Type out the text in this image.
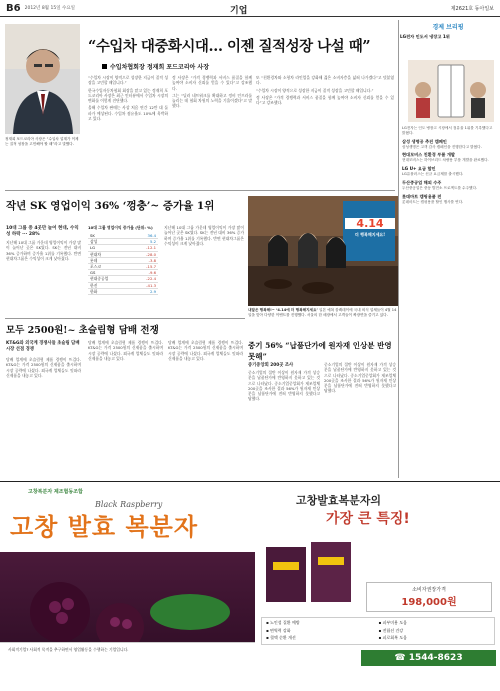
B6 2012년 8월 15일 수요일	기업	제2621호 동아일보
정재희 포드코리아 사장은 “수입차 업계가 이제는 질적 성장을 고민해야 할 때”라고 말했다.
“수입차 대중화시대… 이젠 질적성장 나설 때”
수입차협회장 정재희 포드코리아 사장

“수입차 시장이 양적으로 성장한 지금이 질적 성장을 고민할 때입니다.”

한국수입자동차협회 회장을 맡고 있는 정재희 포드코리아 사장은 최근 인터뷰에서 수입차 시장의 변화를 이렇게 진단했다.

올해 수입차 판매는 사상 처음 연간 12만 대 돌파가 예상된다. 수입차 점유율도 10%에 육박하고 있다.

정 사장은 “가격 경쟁력과 서비스 품질을 함께 높여야 소비자 신뢰를 얻을 수 있다”고 강조했다.

그는 “딜러 네트워크를 확대하고 정비 인프라를 늘리는 데 협회 차원의 노력을 기울이겠다”고 말했다.

또 “친환경차와 소형차 라인업을 강화해 젊은 소비자층을 넓혀 나가겠다”고 덧붙였다.

“수입차 시장이 양적으로 성장한 지금이 질적 성장을 고민할 때입니다.”

정 사장은 “가격 경쟁력과 서비스 품질을 함께 높여야 소비자 신뢰를 얻을 수 있다”고 강조했다.

작년 SK 영업이익 36% ‘껑충’~ 증가율 1위
10대 그룹 중 4곳만 늘어 현대, 수익성 하락 ··· 28%
지난해 10대 그룹 가운데 영업이익이 가장 많이 늘어난 곳은 SK였다. SK는 전년 대비 36% 증가하며 증가율 1위를 기록했다. 반면 현대차그룹은 수익성이 크게 낮아졌다.
10대 그룹 영업이익 증가율 (단위: %)
SK	36.4
삼성	5.2
LG	-12.1
현대차	-28.0
롯데	-3.8
포스코	-15.7
GS	-9.6
현대중공업	-22.4
한진	-41.3
한화	2.9
지난해 10대 그룹 가운데 영업이익이 가장 많이 늘어난 곳은 SK였다. SK는 전년 대비 36% 증가하며 증가율 1위를 기록했다. 반면 현대차그룹은 수익성이 크게 낮아졌다.
모두 2500원!~ 초슬림형 담배 전쟁
KT&G와 외국계 경쟁사들 초슬림 담배 시장 선점 경쟁
담배 업계에 초슬림형 제품 경쟁이 뜨겁다. KT&G는 가격 2500원의 신제품을 출시하며 시장 공략에 나섰다. 외국계 업체들도 잇따라 신제품을 내놓고 있다.
담배 업계에 초슬림형 제품 경쟁이 뜨겁다. KT&G는 가격 2500원의 신제품을 출시하며 시장 공략에 나섰다. 외국계 업체들도 잇따라 신제품을 내놓고 있다.
담배 업계에 초슬림형 제품 경쟁이 뜨겁다. KT&G는 가격 2500원의 신제품을 출시하며 시장 공략에 나섰다. 외국계 업체들도 잇따라 신제품을 내놓고 있다.
4.14
더 행복해지세요!
내딸은 행복해!~ ‘4.14에 더 행복해지세요’ 일본 예복 블랙데이에 국내 외식 업체들이 4월 14일을 맞아 다양한 이벤트를 진행했다. 서울의 한 매장에서 고객들이 짜장면을 즐기고 있다.
중기 56% “납품단가에 원자재 인상분 반영못해”
중기중앙회 200곳 조사
중소기업의 절반 이상이 원자재 가격 상승분을 납품단가에 반영하지 못하고 있는 것으로 나타났다. 중소기업중앙회가 제조업체 200곳을 조사한 결과 56%가 원자재 인상분을 납품단가에 전혀 반영하지 못했다고 답했다.
중소기업의 절반 이상이 원자재 가격 상승분을 납품단가에 반영하지 못하고 있는 것으로 나타났다. 중소기업중앙회가 제조업체 200곳을 조사한 결과 56%가 원자재 인상분을 납품단가에 전혀 반영하지 못했다고 답했다.
경제 브리핑
LG전자 인도서 냉장고 1위
LG전자는 인도 냉장고 시장에서 점유율 1위를 기록했다고 밝혔다.
삼성 생명공 추진 캠페인
삼성생명은 고객 감사 캠페인을 진행한다고 밝혔다.
현대모비스 친환경 부품 개발
현대모비스는 하이브리드 차량용 부품 개발을 완료했다.
LG U+ 요금 할인
LG유플러스는 신규 요금제를 출시했다.
두산중공업 해외 수주
두산중공업은 중동 발전소 프로젝트를 수주했다.
롯데마트 캠핑용품 전
롯데마트는 캠핑용품 할인 행사를 연다.
고창복분자 제조협동조합
고창 발효 복분자
Black Raspberry
사회적기업? 사회적 목적을 추구하면서 영업활동을 수행하는 기업입니다.
고창발효복분자의
가장 큰 특징!
소비자권장가격
198,000원
▪ 노인성 질환 예방	▪ 피부미용 도움
▪ 면역력 강화	▪ 전립선 건강
▪ 혈액 순환 개선	▪ 피로회복 도움
☎ 1544-8623
